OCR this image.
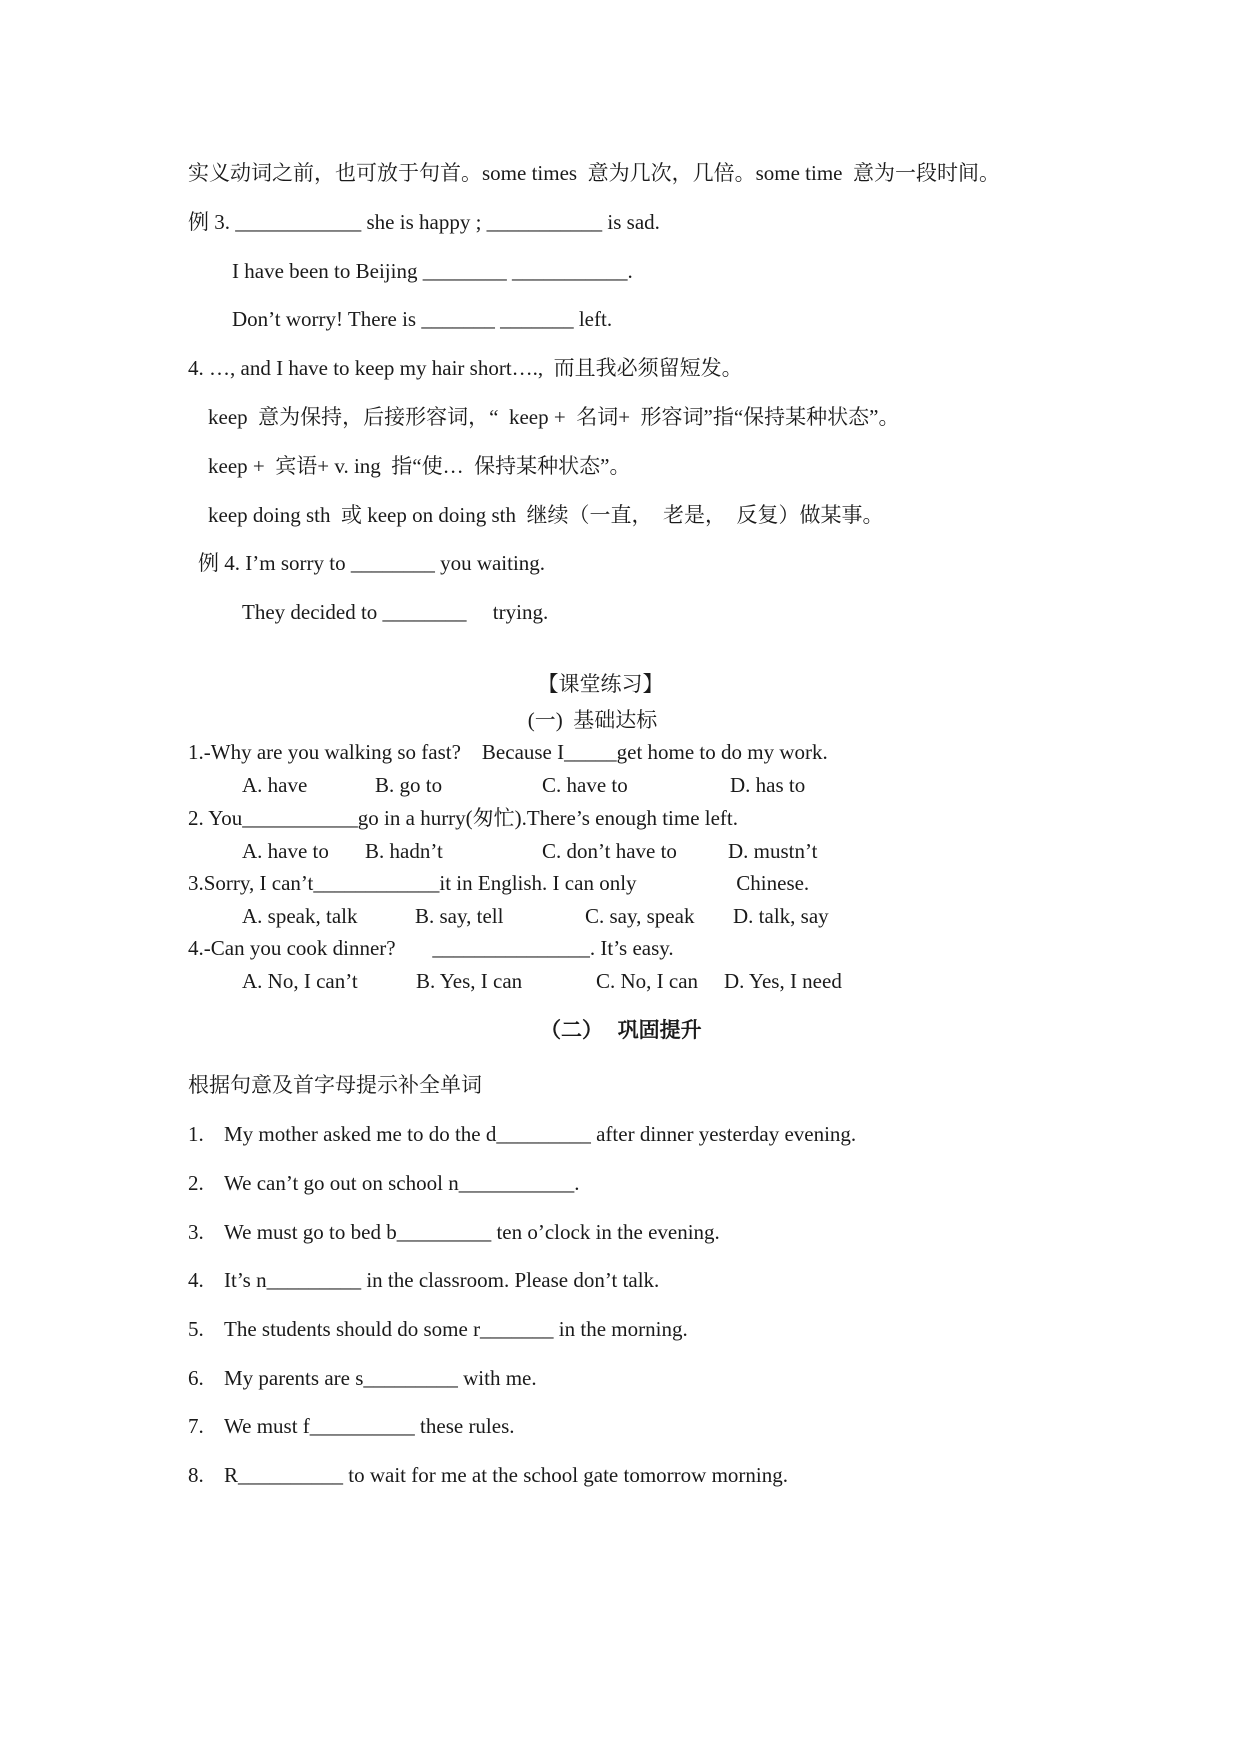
实义动词之前，也可放于句首。some times  意为几次，几倍。some time  意为一段时间。
例 3. ____________ she is happy ; ___________ is sad.
I have been to Beijing ________ ___________.
Don’t worry! There is _______ _______ left.
4. …, and I have to keep my hair short….,  而且我必须留短发。
keep  意为保持，后接形容词，“  keep +  名词+  形容词”指“保持某种状态”。
keep +  宾语+ v. ing  指“使…  保持某种状态”。
keep doing sth  或 keep on doing sth  继续（一直，  老是，  反复）做某事。
例 4. I’m sorry to ________ you waiting.
They decided to ________     trying.
【课堂练习】
(一)  基础达标
1.-Why are you walking so fast?    Because I_____get home to do my work.
A. have	B. go to	C. have to	D. has to
2. You___________go in a hurry(匆忙).There’s enough time left.
A. have to B. hadn’t	C. don’t have to D. mustn’t
3.Sorry, I can’t____________it in English. I can only                   Chinese.
A. speak, talk	B. say, tell	C. say, speak D. talk, say
4.-Can you cook dinner?       _______________. It’s easy.
A. No, I can’t	B. Yes, I can	C. No, I can D. Yes, I need
（二）  巩固提升
根据句意及首字母提示补全单词
1. My mother asked me to do the d_________ after dinner yesterday evening.
2. We can’t go out on school n___________.
3. We must go to bed b_________ ten o’clock in the evening.
4. It’s n_________ in the classroom. Please don’t talk.
5. The students should do some r_______ in the morning.
6. My parents are s_________ with me.
7. We must f__________ these rules.
8. R__________ to wait for me at the school gate tomorrow morning.
